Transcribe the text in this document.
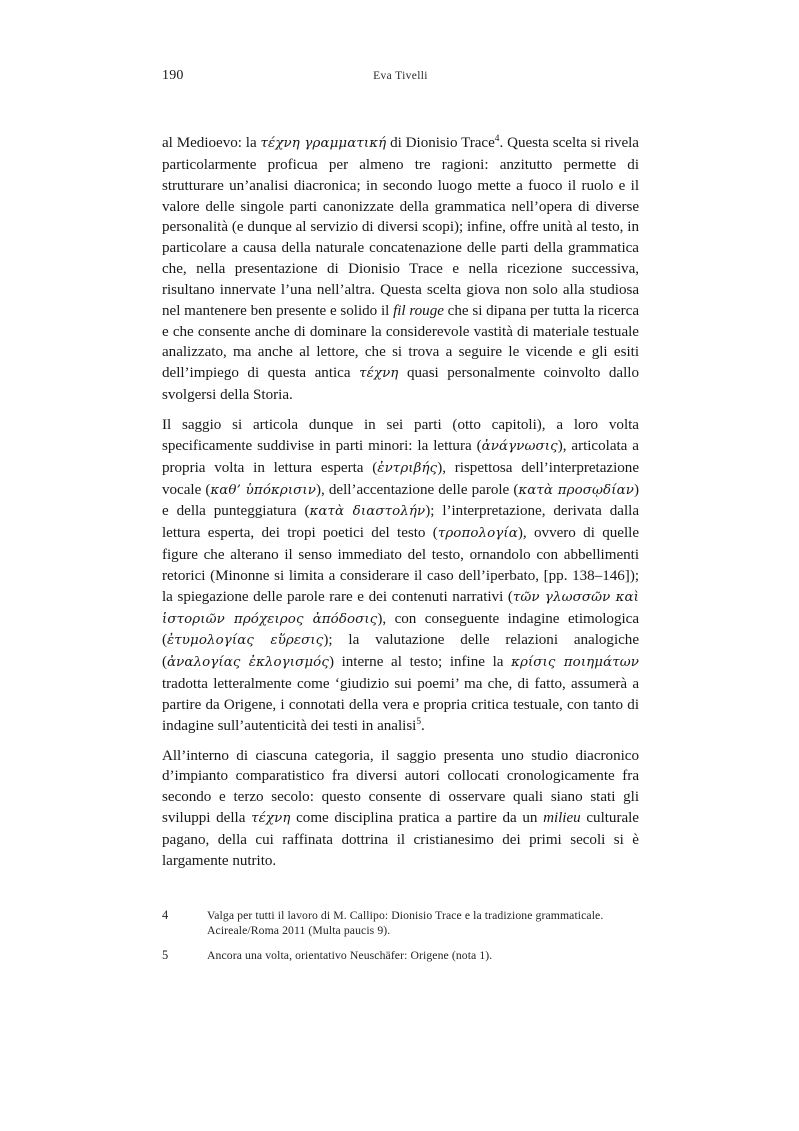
190	Eva Tivelli

al Medioevo: la τέχνη γραμματική di Dionisio Trace$^4$. Questa scelta si rivela particolarmente proficua per almeno tre ragioni: anzitutto permette di strutturare un’analisi diacronica; in secondo luogo mette a fuoco il ruolo e il valore delle singole parti canonizzate della grammatica nell’opera di diverse personalità (e dunque al servizio di diversi scopi); infine, offre unità al testo, in particolare a causa della naturale concatenazione delle parti della grammatica che, nella presentazione di Dionisio Trace e nella ricezione successiva, risultano innervate l’una nell’altra. Questa scelta giova non solo alla studiosa nel mantenere ben presente e solido il fil rouge che si dipana per tutta la ricerca e che consente anche di dominare la considerevole vastità di materiale testuale analizzato, ma anche al lettore, che si trova a seguire le vicende e gli esiti dell’impiego di questa antica τέχνη quasi personalmente coinvolto dallo svolgersi della Storia.

Il saggio si articola dunque in sei parti (otto capitoli), a loro volta specificamente suddivise in parti minori: la lettura (ἀνάγνωσις), articolata a propria volta in lettura esperta (ἐντριβής), rispettosa dell’interpretazione vocale (καθ’ ὑπόκρισιν), dell’accentazione delle parole (κατὰ προσῳδίαν) e della punteggiatura (κατὰ διαστολήν); l’interpretazione, derivata dalla lettura esperta, dei tropi poetici del testo (τροπολογία), ovvero di quelle figure che alterano il senso immediato del testo, ornandolo con abbellimenti retorici (Minonne si limita a considerare il caso dell’iperbato, [pp. 138–146]); la spiegazione delle parole rare e dei contenuti narrativi (τῶν γλωσσῶν καὶ ἱστοριῶν πρόχειρος ἀπόδοσις), con conseguente indagine etimologica (ἐτυμολογίας εὕρεσις); la valutazione delle relazioni analogiche (ἀναλογίας ἐκλογισμός) interne al testo; infine la κρίσις ποιημάτων tradotta letteralmente come ‘giudizio sui poemi’ ma che, di fatto, assumerà a partire da Origene, i connotati della vera e propria critica testuale, con tanto di indagine sull’autenticità dei testi in analisi$^5$.

All’interno di ciascuna categoria, il saggio presenta uno studio diacronico d’impianto comparatistico fra diversi autori collocati cronologicamente fra secondo e terzo secolo: questo consente di osservare quali siano stati gli sviluppi della τέχνη come disciplina pratica a partire da un milieu culturale pagano, della cui raffinata dottrina il cristianesimo dei primi secoli si è largamente nutrito.

4	Valga per tutti il lavoro di M. Callipo: Dionisio Trace e la tradizione grammaticale. Acireale/Roma 2011 (Multa paucis 9).
5	Ancora una volta, orientativo Neuschäfer: Origene (nota 1).
